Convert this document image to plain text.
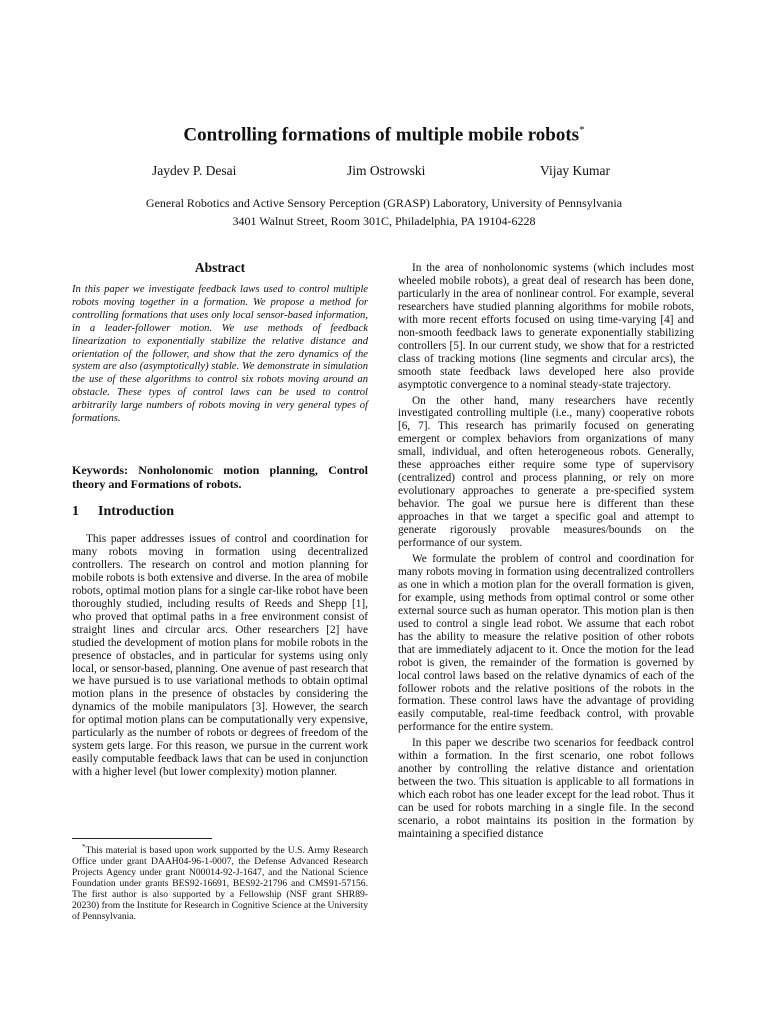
Controlling formations of multiple mobile robots*
Jaydev P. Desai	Jim Ostrowski	Vijay Kumar
General Robotics and Active Sensory Perception (GRASP) Laboratory, University of Pennsylvania
3401 Walnut Street, Room 301C, Philadelphia, PA 19104-6228
Abstract

In this paper we investigate feedback laws used to control multiple robots moving together in a formation. We propose a method for controlling formations that uses only local sensor-based information, in a leader-follower motion. We use methods of feedback linearization to exponentially stabilize the relative distance and orientation of the follower, and show that the zero dynamics of the system are also (asymptotically) stable. We demonstrate in simulation the use of these algorithms to control six robots moving around an obstacle. These types of control laws can be used to control arbitrarily large numbers of robots moving in very general types of formations.

Keywords: Nonholonomic motion planning, Control theory and Formations of robots.

1 Introduction

This paper addresses issues of control and coordination for many robots moving in formation using decentralized controllers. The research on control and motion planning for mobile robots is both extensive and diverse. In the area of mobile robots, optimal motion plans for a single car-like robot have been thoroughly studied, including results of Reeds and Shepp [1], who proved that optimal paths in a free environment consist of straight lines and circular arcs. Other researchers [2] have studied the development of motion plans for mobile robots in the presence of obstacles, and in particular for systems using only local, or sensor-based, planning. One avenue of past research that we have pursued is to use variational methods to obtain optimal motion plans in the presence of obstacles by considering the dynamics of the mobile manipulators [3]. However, the search for optimal motion plans can be computationally very expensive, particularly as the number of robots or degrees of freedom of the system gets large. For this reason, we pursue in the current work easily computable feedback laws that can be used in conjunction with a higher level (but lower complexity) motion planner.

*This material is based upon work supported by the U.S. Army Research Office under grant DAAH04-96-1-0007, the Defense Advanced Research Projects Agency under grant N00014-92-J-1647, and the National Science Foundation under grants BES92-16691, BES92-21796 and CMS91-57156. The first author is also supported by a Fellowship (NSF grant SHR89-20230) from the Institute for Research in Cognitive Science at the University of Pennsylvania.

In the area of nonholonomic systems (which includes most wheeled mobile robots), a great deal of research has been done, particularly in the area of nonlinear control. For example, several researchers have studied planning algorithms for mobile robots, with more recent efforts focused on using time-varying [4] and non-smooth feedback laws to generate exponentially stabilizing controllers [5]. In our current study, we show that for a restricted class of tracking motions (line segments and circular arcs), the smooth state feedback laws developed here also provide asymptotic convergence to a nominal steady-state trajectory.

On the other hand, many researchers have recently investigated controlling multiple (i.e., many) cooperative robots [6, 7]. This research has primarily focused on generating emergent or complex behaviors from organizations of many small, individual, and often heterogeneous robots. Generally, these approaches either require some type of supervisory (centralized) control and process planning, or rely on more evolutionary approaches to generate a pre-specified system behavior. The goal we pursue here is different than these approaches in that we target a specific goal and attempt to generate rigorously provable measures/bounds on the performance of our system.

We formulate the problem of control and coordination for many robots moving in formation using decentralized controllers as one in which a motion plan for the overall formation is given, for example, using methods from optimal control or some other external source such as human operator. This motion plan is then used to control a single lead robot. We assume that each robot has the ability to measure the relative position of other robots that are immediately adjacent to it. Once the motion for the lead robot is given, the remainder of the formation is governed by local control laws based on the relative dynamics of each of the follower robots and the relative positions of the robots in the formation. These control laws have the advantage of providing easily computable, real-time feedback control, with provable performance for the entire system.

In this paper we describe two scenarios for feedback control within a formation. In the first scenario, one robot follows another by controlling the relative distance and orientation between the two. This situation is applicable to all formations in which each robot has one leader except for the lead robot. Thus it can be used for robots marching in a single file. In the second scenario, a robot maintains its position in the formation by maintaining a specified distance
